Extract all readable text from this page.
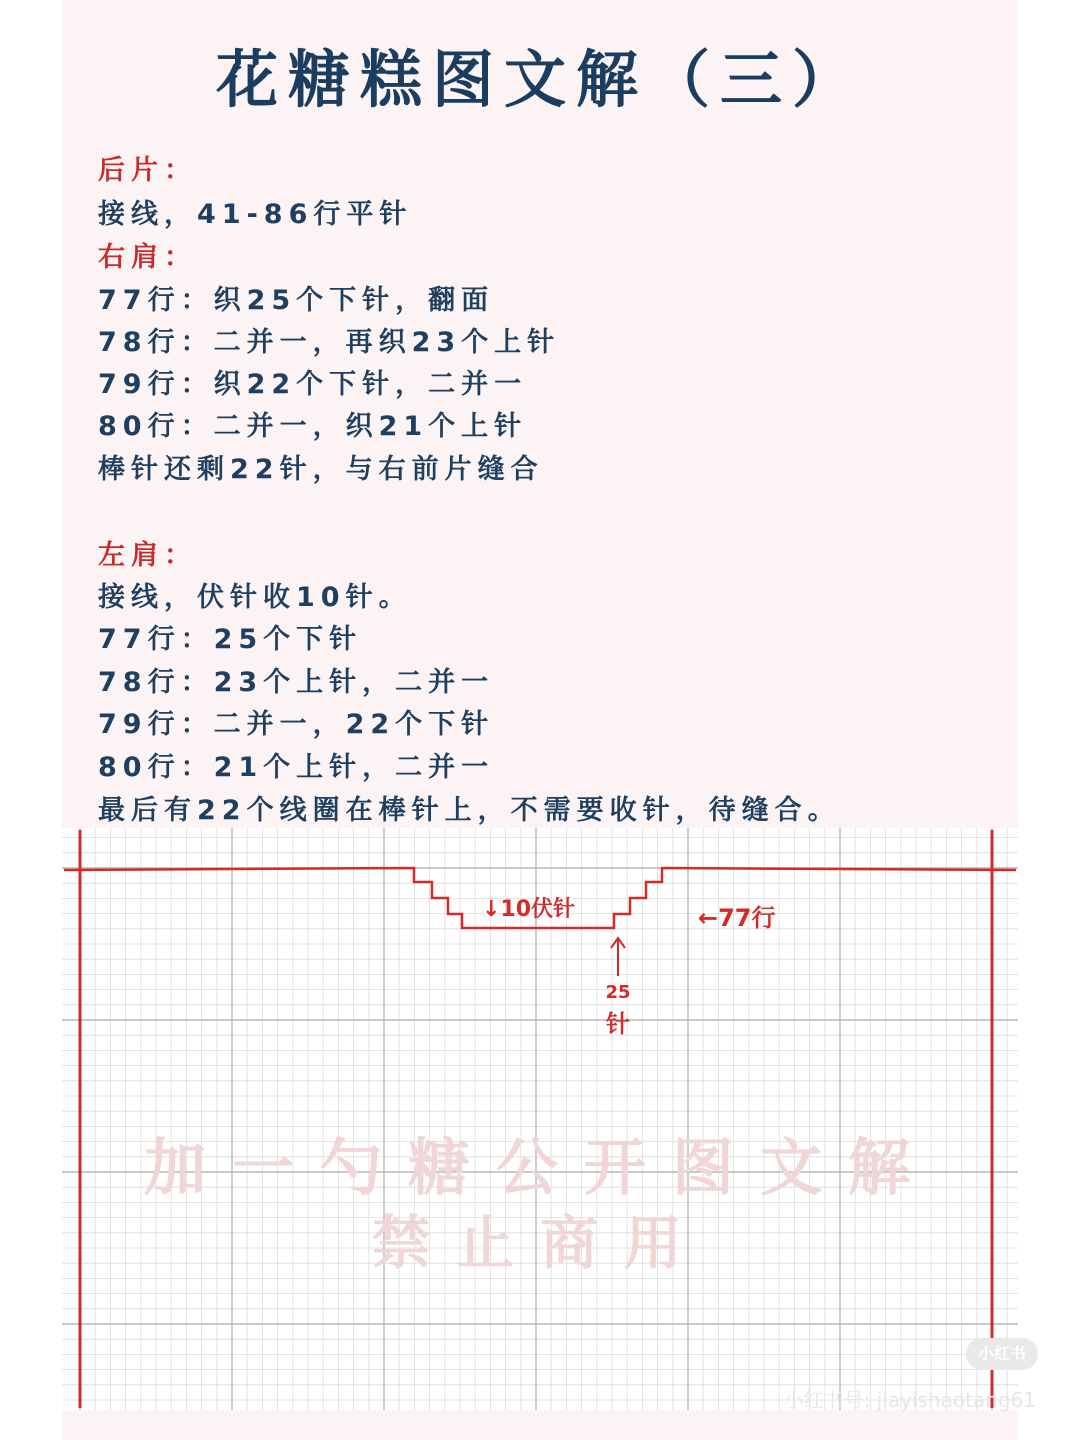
花糖糕图文解（三）
后片：
接线，41-86行平针
右肩：
77行：织25个下针，翻面
78行：二并一，再织23个上针
79行：织22个下针，二并一
80行：二并一，织21个上针
棒针还剩22针，与右前片缝合
左肩：
接线，伏针收10针。
77行：25个下针
78行：23个上针，二并一
79行：二并一，22个下针
80行：21个上针，二并一
最后有22个线圈在棒针上，不需要收针，待缝合。
↓10伏针	←77行
25
针
加一勺糖公开图文解
禁止商用
小红书
小红书号: jiayishaotang61
